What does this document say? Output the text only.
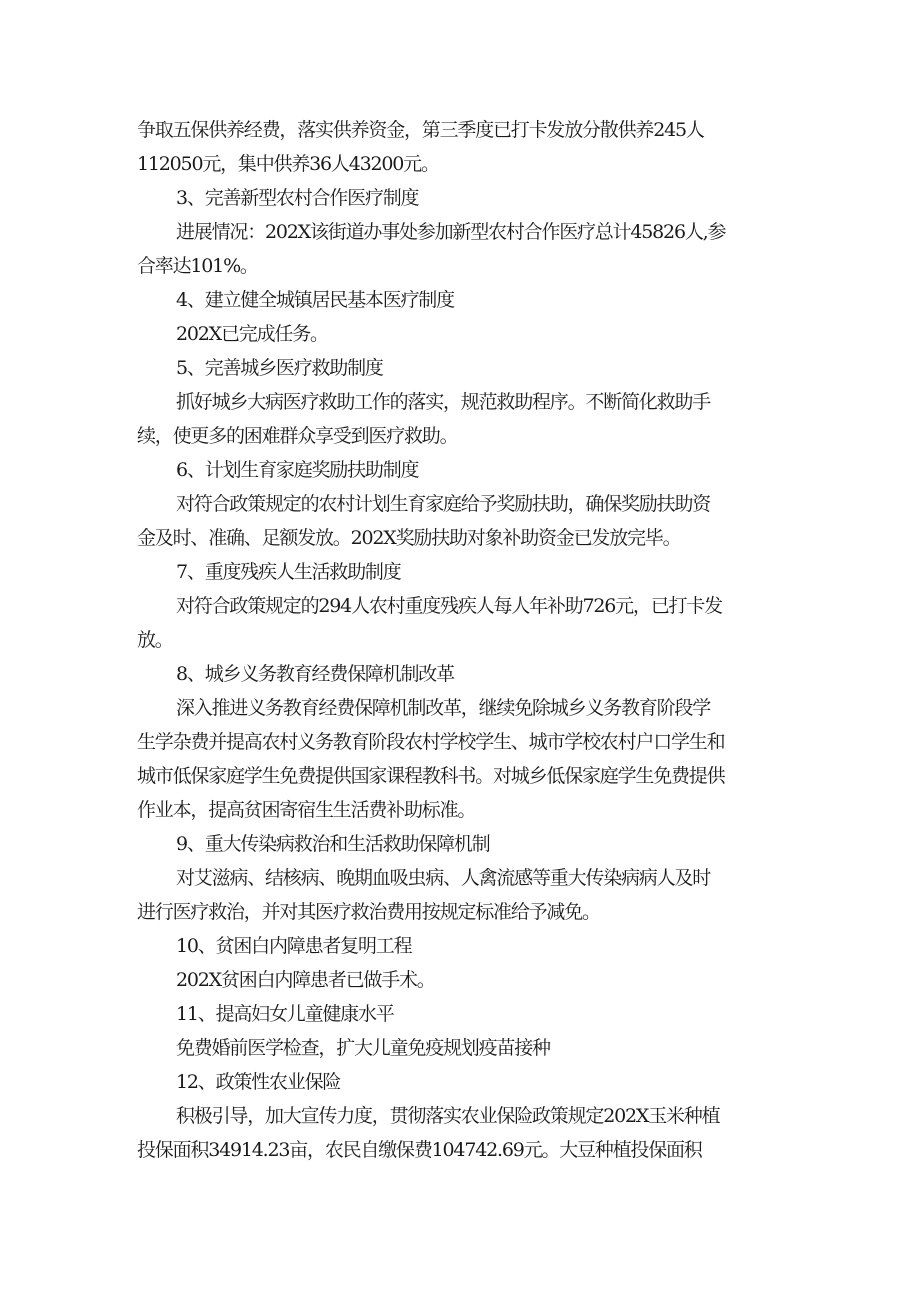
争取五保供养经费，落实供养资金，第三季度已打卡发放分散供养245人
112050元，集中供养36人43200元。
3、完善新型农村合作医疗制度
进展情况：202X该街道办事处参加新型农村合作医疗总计45826人,参
合率达101%。
4、建立健全城镇居民基本医疗制度
202X已完成任务。
5、完善城乡医疗救助制度
抓好城乡大病医疗救助工作的落实，规范救助程序。不断简化救助手
续，使更多的困难群众享受到医疗救助。
6、计划生育家庭奖励扶助制度
对符合政策规定的农村计划生育家庭给予奖励扶助，确保奖励扶助资
金及时、准确、足额发放。202X奖励扶助对象补助资金已发放完毕。
7、重度残疾人生活救助制度
对符合政策规定的294人农村重度残疾人每人年补助726元，已打卡发
放。
8、城乡义务教育经费保障机制改革
深入推进义务教育经费保障机制改革，继续免除城乡义务教育阶段学
生学杂费并提高农村义务教育阶段农村学校学生、城市学校农村户口学生和
城市低保家庭学生免费提供国家课程教科书。对城乡低保家庭学生免费提供
作业本，提高贫困寄宿生生活费补助标准。
9、重大传染病救治和生活救助保障机制
对艾滋病、结核病、晚期血吸虫病、人禽流感等重大传染病病人及时
进行医疗救治，并对其医疗救治费用按规定标准给予减免。
10、贫困白内障患者复明工程
202X贫困白内障患者已做手术。
11、提高妇女儿童健康水平
免费婚前医学检查，扩大儿童免疫规划疫苗接种
12、政策性农业保险
积极引导，加大宣传力度，贯彻落实农业保险政策规定202X玉米种植
投保面积34914.23亩，农民自缴保费104742.69元。大豆种植投保面积
